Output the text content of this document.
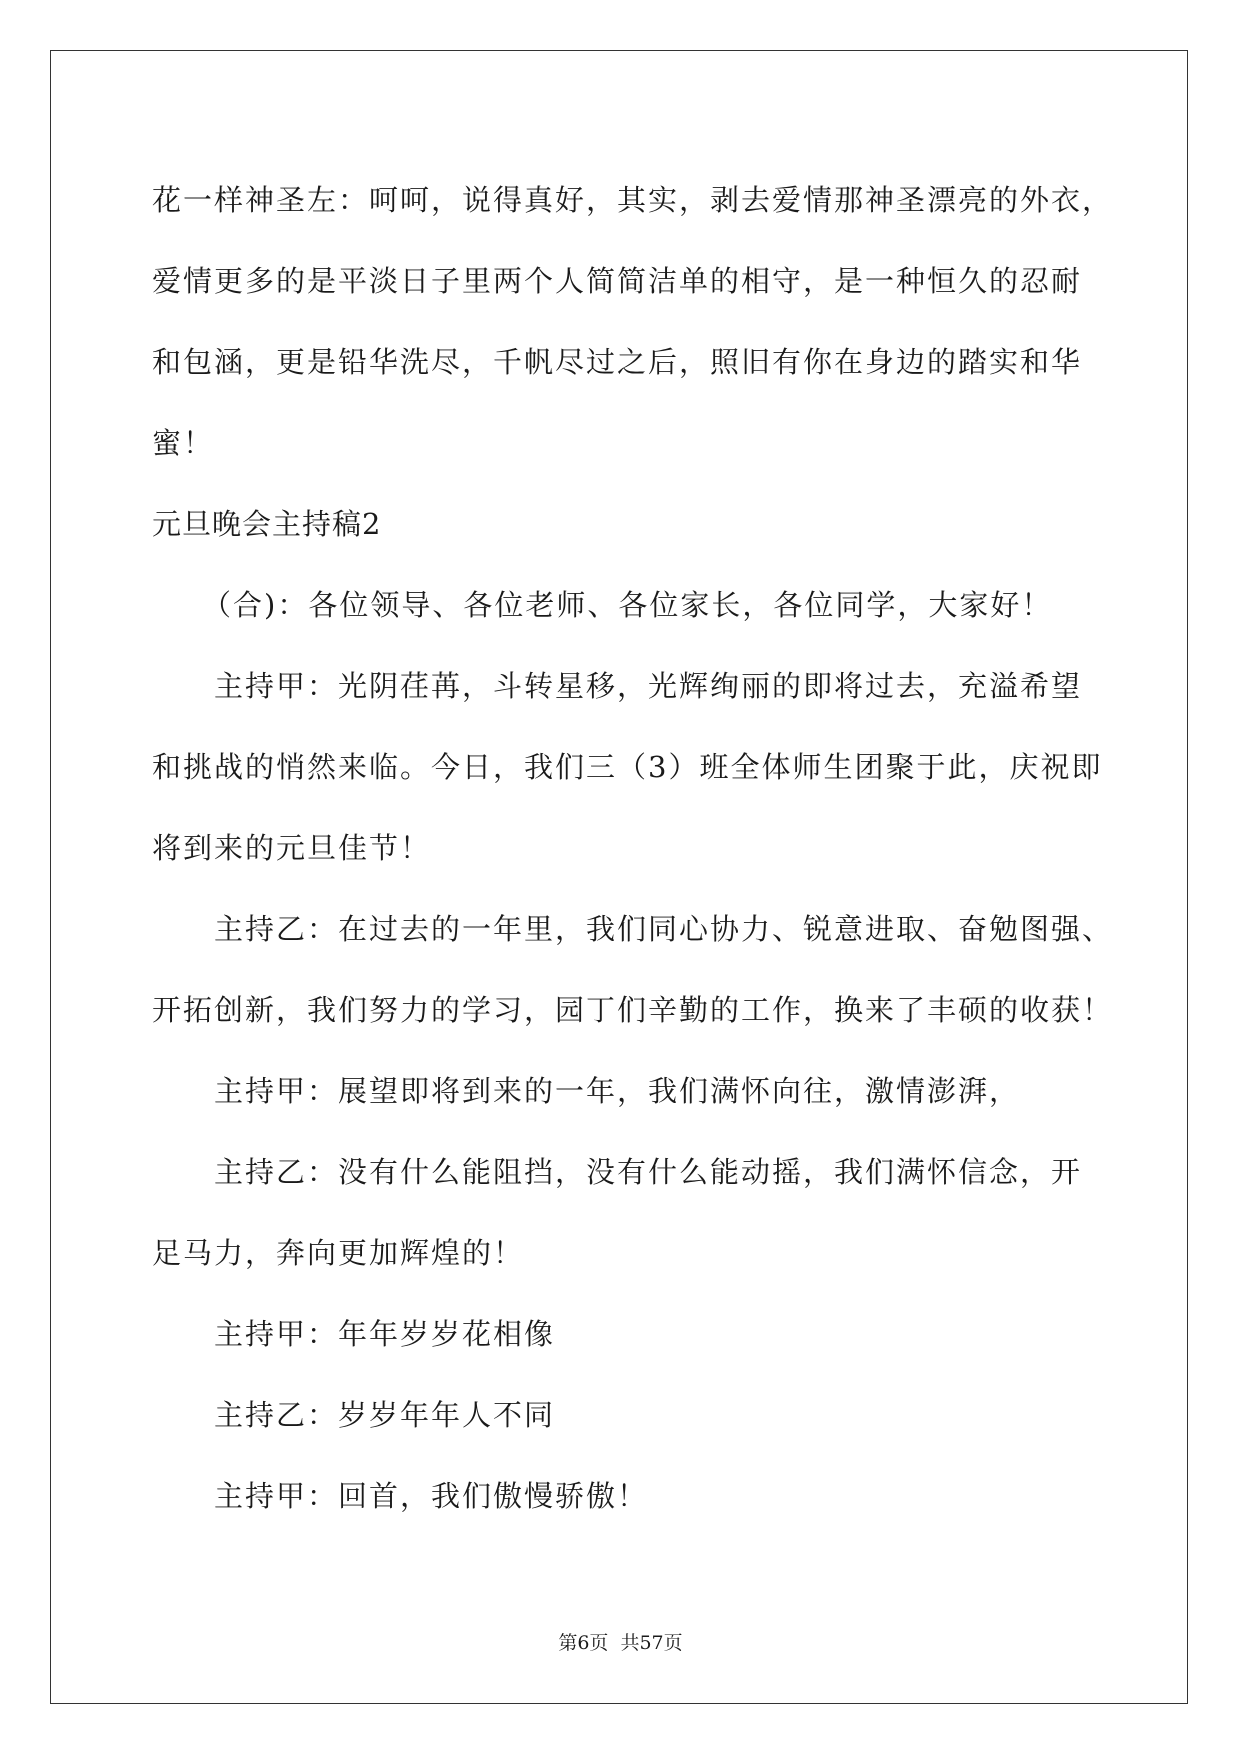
花一样神圣左：呵呵，说得真好，其实，剥去爱情那神圣漂亮的外衣，
爱情更多的是平淡日子里两个人简简洁单的相守，是一种恒久的忍耐
和包涵，更是铅华洗尽，千帆尽过之后，照旧有你在身边的踏实和华
蜜！
元旦晚会主持稿2
（合)：各位领导、各位老师、各位家长，各位同学，大家好！
主持甲：光阴荏苒，斗转星移，光辉绚丽的即将过去，充溢希望
和挑战的悄然来临。今日，我们三（3）班全体师生团聚于此，庆祝即
将到来的元旦佳节！
主持乙：在过去的一年里，我们同心协力、锐意进取、奋勉图强、
开拓创新，我们努力的学习，园丁们辛勤的工作，换来了丰硕的收获！
主持甲：展望即将到来的一年，我们满怀向往，激情澎湃，
主持乙：没有什么能阻挡，没有什么能动摇，我们满怀信念，开
足马力，奔向更加辉煌的！
主持甲：年年岁岁花相像
主持乙：岁岁年年人不同
主持甲：回首，我们傲慢骄傲！
第6页 共57页
